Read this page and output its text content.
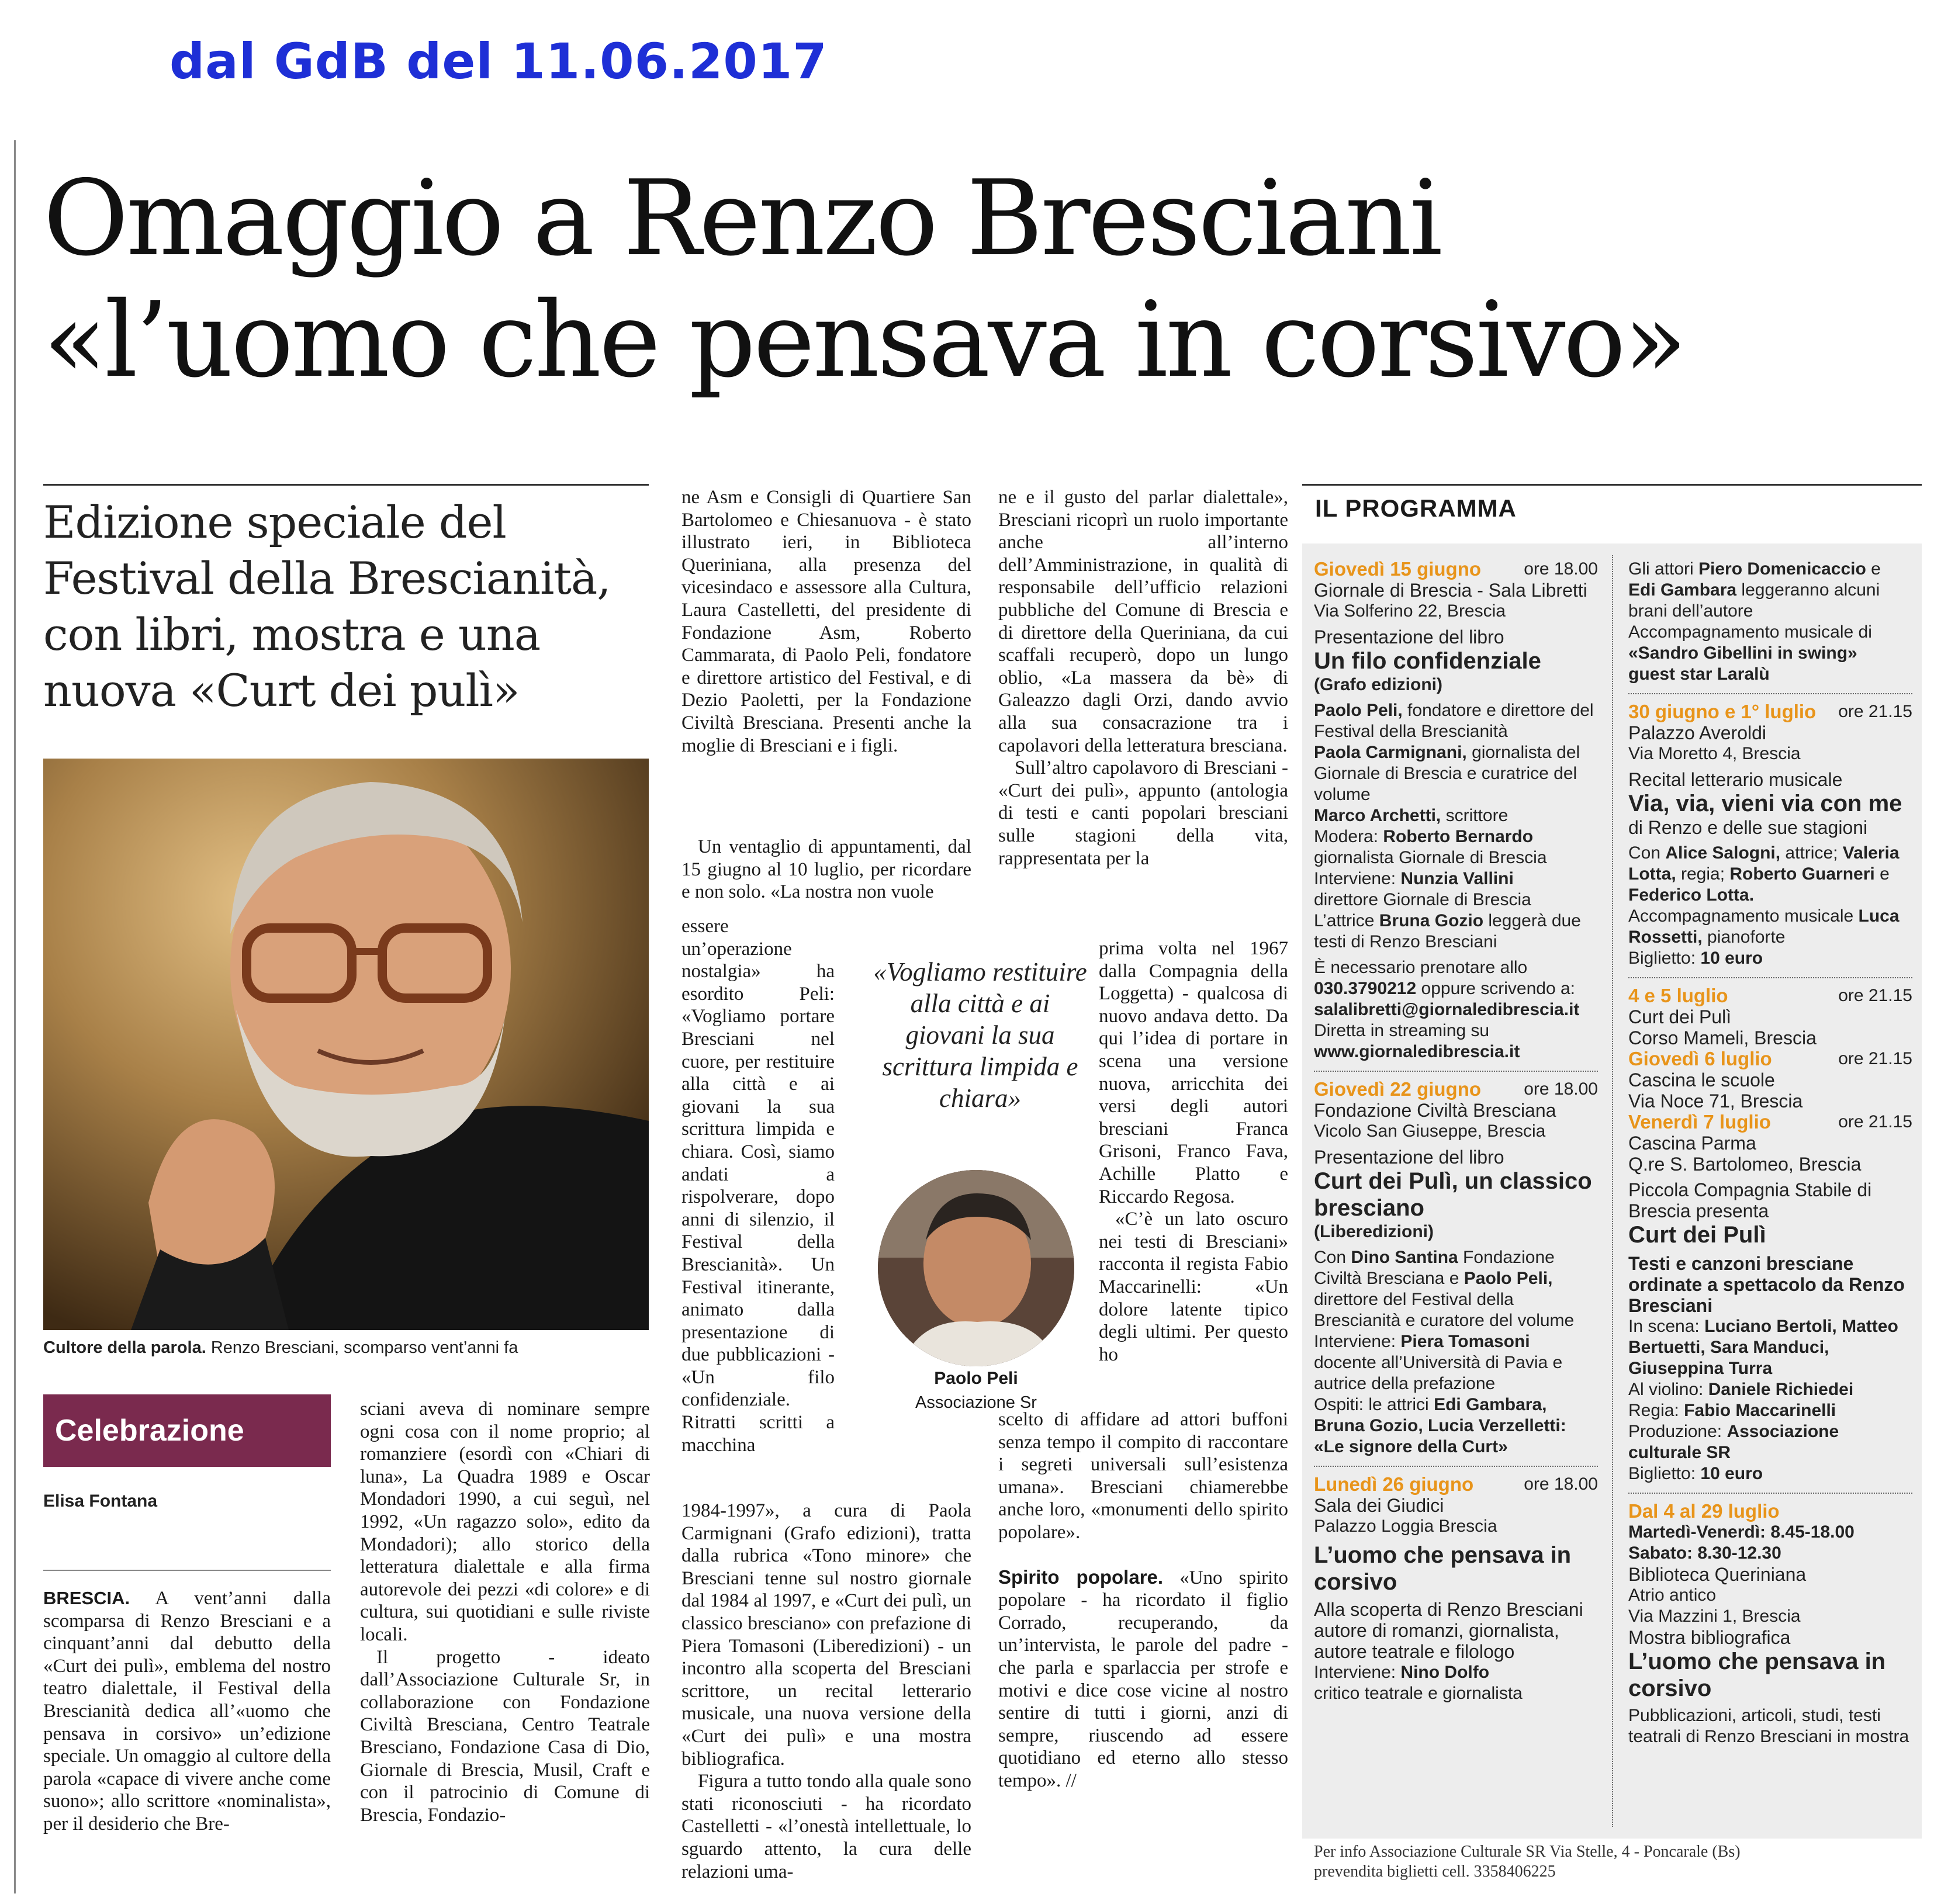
dal GdB del 11.06.2017
Omaggio a Renzo Bresciani
«l’uomo che pensava in corsivo»
Edizione speciale del Festival della Brescianità, con libri, mostra e una nuova «Curt dei pulì»
Cultore della parola. Renzo Bresciani, scomparso vent’anni fa
Celebrazione
Elisa Fontana

BRESCIA. A vent’anni dalla scomparsa di Renzo Bresciani e a cinquant’anni dal debutto della «Curt dei pulì», emblema del nostro teatro dialettale, il Festival della Brescianità dedica all’«uomo che pensava in corsivo» un’edizione speciale. Un omaggio al cultore della parola «capace di vivere anche come suono»; allo scrittore «nominalista», per il desiderio che Bre-

sciani aveva di nominare sempre ogni cosa con il nome proprio; al romanziere (esordì con «Chiari di luna», La Quadra 1989 e Oscar Mondadori 1990, a cui seguì, nel 1992, «Un ragazzo solo», edito da Mondadori); allo storico della letteratura dialettale e alla firma autorevole dei pezzi «di colore» e di cultura, sui quotidiani e sulle riviste locali.

Il progetto - ideato dall’Associazione Culturale Sr, in collaborazione con Fondazione Civiltà Bresciana, Centro Teatrale Bresciano, Fondazione Casa di Dio, Giornale di Brescia, Musil, Craft e con il patrocinio di Comune di Brescia, Fondazio-

ne Asm e Consigli di Quartiere San Bartolomeo e Chiesanuova - è stato illustrato ieri, in Biblioteca Queriniana, alla presenza del vicesindaco e assessore alla Cultura, Laura Castelletti, del presidente di Fondazione Asm, Roberto Cammarata, di Paolo Peli, fondatore e direttore artistico del Festival, e di Dezio Paoletti, per la Fondazione Civiltà Bresciana. Presenti anche la moglie di Bresciani e i figli.

Un ventaglio di appuntamenti, dal 15 giugno al 10 luglio, per ricordare e non solo. «La nostra non vuole

essere un’operazione nostalgia» ha esordito Peli: «Vogliamo portare Bresciani nel cuore, per restituire alla città e ai giovani la sua scrittura limpida e chiara. Così, siamo andati a rispolverare, dopo anni di silenzio, il Festival della Brescianità». Un Festival itinerante, animato dalla presentazione di due pubblicazioni - «Un filo confidenziale. Ritratti scritti a macchina

1984-1997», a cura di Paola Carmignani (Grafo edizioni), tratta dalla rubrica «Tono minore» che Bresciani tenne sul nostro giornale dal 1984 al 1997, e «Curt dei pulì, un classico bresciano» con prefazione di Piera Tomasoni (Liberedizioni) - un incontro alla scoperta del Bresciani scrittore, un recital letterario musicale, una nuova versione della «Curt dei pulì» e una mostra bibliografica.

Figura a tutto tondo alla quale sono stati riconosciuti - ha ricordato Castelletti - «l’onestà intellettuale, lo sguardo attento, la cura delle relazioni uma-

ne e il gusto del parlar dialettale», Bresciani ricoprì un ruolo importante anche all’interno dell’Amministrazione, in qualità di responsabile dell’ufficio relazioni pubbliche del Comune di Brescia e di direttore della Queriniana, da cui scaffali recuperò, dopo un lungo oblio, «La massera da bè» di Galeazzo dagli Orzi, dando avvio alla sua consacrazione tra i capolavori della letteratura bresciana.

Sull’altro capolavoro di Bresciani - «Curt dei pulì», appunto (antologia di testi e canti popolari bresciani sulle stagioni della vita, rappresentata per la

prima volta nel 1967 dalla Compagnia della Loggetta) - qualcosa di nuovo andava detto. Da qui l’idea di portare in scena una versione nuova, arricchita dei versi degli autori bresciani Franca Grisoni, Franco Fava, Achille Platto e Riccardo Regosa.

«C’è un lato oscuro nei testi di Bresciani» racconta il regista Fabio Maccarinelli: «Un dolore latente tipico degli ultimi. Per questo ho

scelto di affidare ad attori buffoni senza tempo il compito di raccontare i segreti universali sull’esistenza umana». Bresciani chiamerebbe anche loro, «monumenti dello spirito popolare».

Spirito popolare. «Uno spirito popolare - ha ricordato il figlio Corrado, recuperando, da un’intervista, le parole del padre - che parla e sparlaccia per strofe e motivi e dice cose vicine al nostro sentire di tutti i giorni, anzi di sempre, riuscendo ad essere quotidiano ed eterno allo stesso tempo». //

«Vogliamo restituire alla città e ai giovani la sua scrittura limpida e chiara»
Paolo Peli
Associazione Sr
IL PROGRAMMA
Giovedì 15 giugno	ore 18.00
Giornale di Brescia - Sala Libretti
Via Solferino 22, Brescia
Presentazione del libro
Un filo confidenziale
(Grafo edizioni)
Paolo Peli, fondatore e direttore del Festival della Brescianità
Paola Carmignani, giornalista del Giornale di Brescia e curatrice del volume
Marco Archetti, scrittore
Modera: Roberto Bernardo
giornalista Giornale di Brescia
Interviene: Nunzia Vallini
direttore Giornale di Brescia
L’attrice Bruna Gozio leggerà due testi di Renzo Bresciani
È necessario prenotare allo
030.3790212 oppure scrivendo a:
salalibretti@giornaledibrescia.it
Diretta in streaming su
www.giornaledibrescia.it
Giovedì 22 giugno	ore 18.00
Fondazione Civiltà Bresciana
Vicolo San Giuseppe, Brescia
Presentazione del libro
Curt dei Pulì, un classico bresciano
(Liberedizioni)
Con Dino Santina Fondazione Civiltà Bresciana e Paolo Peli, direttore del Festival della Brescianità e curatore del volume
Interviene: Piera Tomasoni
docente all’Università di Pavia e autrice della prefazione
Ospiti: le attrici Edi Gambara, Bruna Gozio, Lucia Verzelletti:
«Le signore della Curt»
Lunedì 26 giugno	ore 18.00
Sala dei Giudici
Palazzo Loggia Brescia
L’uomo che pensava in corsivo
Alla scoperta di Renzo Bresciani autore di romanzi, giornalista, autore teatrale e filologo
Interviene: Nino Dolfo
critico teatrale e giornalista
Gli attori Piero Domenicaccio e Edi Gambara leggeranno alcuni brani dell’autore
Accompagnamento musicale di
«Sandro Gibellini in swing»
guest star Laralù
30 giugno e 1° luglio	ore 21.15
Palazzo Averoldi
Via Moretto 4, Brescia
Recital letterario musicale
Via, via, vieni via con me
di Renzo e delle sue stagioni
Con Alice Salogni, attrice; Valeria Lotta, regia; Roberto Guarneri e Federico Lotta.
Accompagnamento musicale Luca Rossetti, pianoforte
Biglietto: 10 euro
4 e 5 luglio	ore 21.15
Curt dei Pulì
Corso Mameli, Brescia
Giovedì 6 luglio	ore 21.15
Cascina le scuole
Via Noce 71, Brescia
Venerdì 7 luglio	ore 21.15
Cascina Parma
Q.re S. Bartolomeo, Brescia
Piccola Compagnia Stabile di Brescia presenta
Curt dei Pulì
Testi e canzoni bresciane ordinate a spettacolo da Renzo Bresciani
In scena: Luciano Bertoli, Matteo Bertuetti, Sara Manduci, Giuseppina Turra
Al violino: Daniele Richiedei
Regia: Fabio Maccarinelli
Produzione: Associazione culturale SR
Biglietto: 10 euro
Dal 4 al 29 luglio
Martedì-Venerdì: 8.45-18.00
Sabato: 8.30-12.30
Biblioteca Queriniana
Atrio antico
Via Mazzini 1, Brescia
Mostra bibliografica
L’uomo che pensava in corsivo
Pubblicazioni, articoli, studi, testi teatrali di Renzo Bresciani in mostra
Per info Associazione Culturale SR Via Stelle, 4 - Poncarale (Bs)
prevendita biglietti cell. 3358406225
